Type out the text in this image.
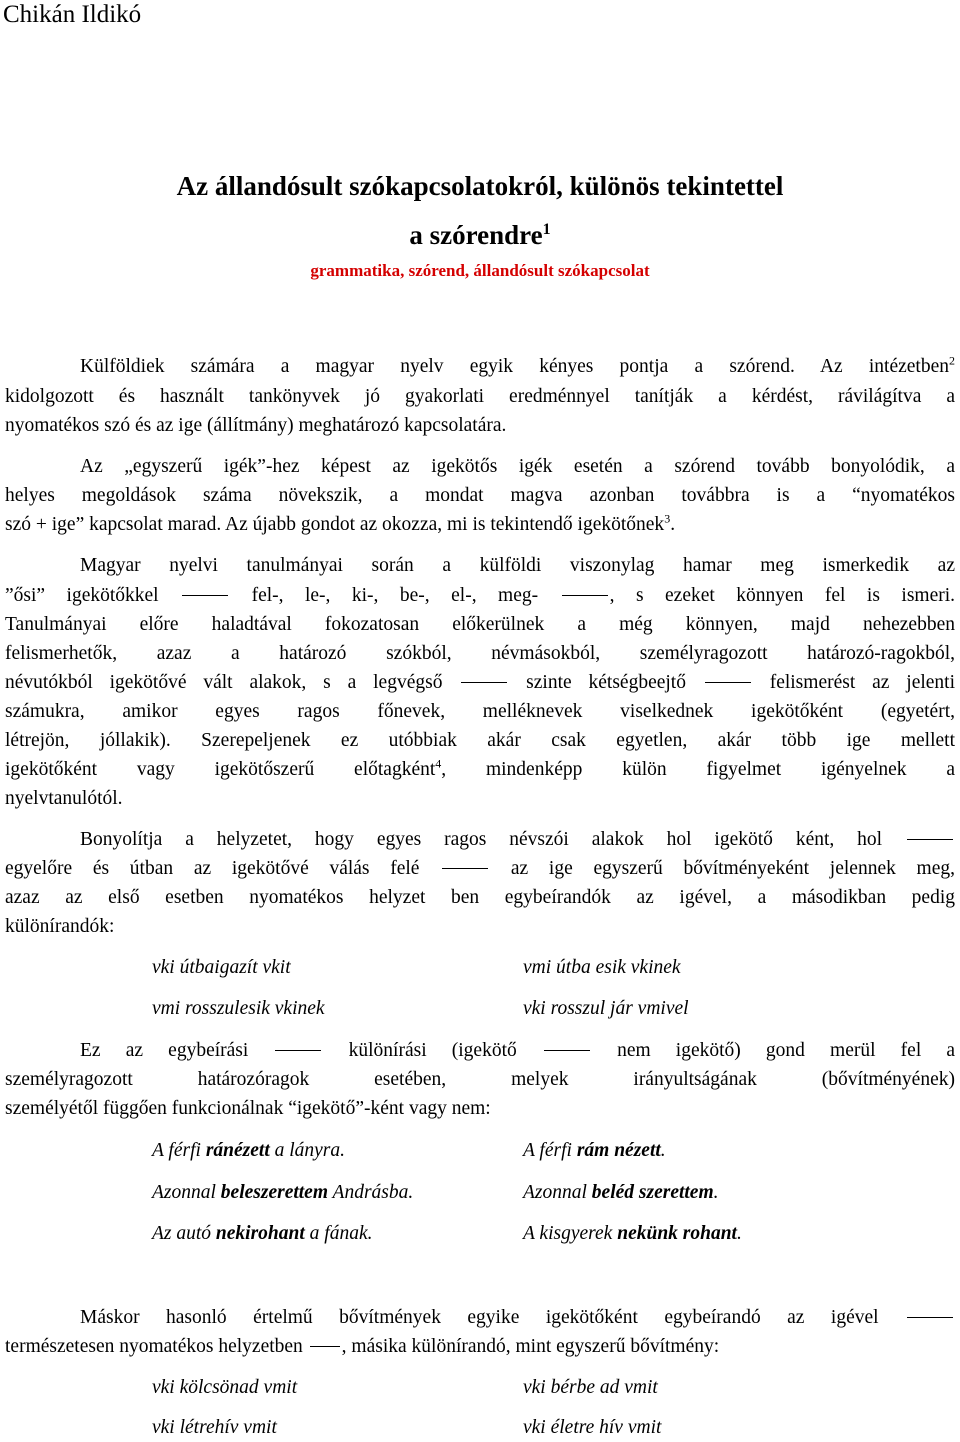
Chikán Ildikó
Az állandósult szókapcsolatokról, különös tekintettel
a szórendre$^1$
grammatika, szórend, állandósult szókapcsolat
Külföldiek számára a magyar nyelv egyik kényes pontja a szórend. Az intézetben$^2$
kidolgozott és használt tankönyvek jó gyakorlati eredménnyel tanítják a kérdést, rávilágítva a
nyomatékos szó és az ige (állítmány) meghatározó kapcsolatára.
Az „egyszerű igék”-hez képest az igekötős igék esetén a szórend tovább bonyolódik, a
helyes megoldások száma növekszik, a mondat magva azonban továbbra is a “nyomatékos
szó + ige” kapcsolat marad. Az újabb gondot az okozza, mi is tekintendő igekötőnek$^3$.
Magyar nyelvi tanulmányai során a külföldi viszonylag hamar meg ismerkedik az
”ősi” igekötőkkel	fel-, le-, ki-, be-, el-, meg-	, s ezeket könnyen fel is ismeri.
Tanulmányai előre haladtával fokozatosan előkerülnek a még könnyen, majd nehezebben
felismerhetők, azaz a határozó szókból, névmásokból, személyragozott határozó-ragokból,
névutókból igekötővé vált alakok, s a legvégső	szinte kétségbeejtő	felismerést az jelenti
számukra, amikor egyes ragos főnevek, melléknevek viselkednek igekötőként (egyetért,
létrejön, jóllakik). Szerepeljenek ez utóbbiak akár csak egyetlen, akár több ige mellett
igekötőként vagy igekötőszerű előtagként$^4$, mindenképp külön figyelmet igényelnek a
nyelvtanulótól.
Bonyolítja a helyzetet, hogy egyes ragos névszói alakok hol igekötő ként, hol
egyelőre és útban az igekötővé válás felé	az ige egyszerű bővítményeként jelennek meg,
azaz az első esetben nyomatékos helyzet ben egybeírandók az igével, a másodikban pedig
különírandók:
vki útbaigazít vkit	vmi útba esik vkinek
vmi rosszulesik vkinek	vki rosszul jár vmivel
Ez az egybeírási	különírási (igekötő	nem igekötő) gond merül fel a
személyragozott határozóragok esetében, melyek irányultságának (bővítményének)
személyétől függően funkcionálnak “igekötő”-ként vagy nem:
A férfi ránézett a lányra.	A férfi rám nézett.
Azonnal beleszerettem Andrásba.	Azonnal beléd szerettem.
Az autó nekirohant a fának.	A kisgyerek nekünk rohant.
Máskor hasonló értelmű bővítmények egyike igekötőként egybeírandó az igével
természetesen nyomatékos helyzetben , másika különírandó, mint egyszerű bővítmény:
vki kölcsönad vmit	vki bérbe ad vmit
vki létrehív vmit	vki életre hív vmit
